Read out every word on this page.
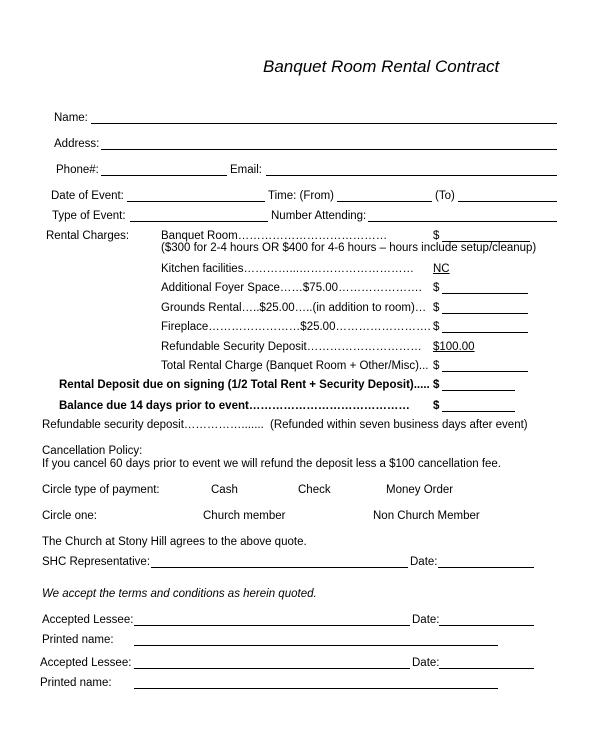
Banquet Room Rental Contract
Name:
Address:
Phone#:	Email:
Date of Event:	Time: (From)	(To)
Type of Event:	Number Attending:
Rental Charges:	Banquet Room…………………………………	$
($300 for 2-4 hours OR $400 for 4-6 hours – hours include setup/cleanup)
Kitchen facilities…………...………………………… NC
Additional Foyer Space……$75.00…………………. $
Grounds Rental…..$25.00…..(in addition to room)… $
Fireplace……………………$25.00……………………. $
Refundable Security Deposit………………………… $100.00
Total Rental Charge (Banquet Room + Other/Misc)... $
Rental Deposit due on signing (1/2 Total Rent + Security Deposit)..... $
Balance due 14 days prior to event…………………………………… $
Refundable security deposit……………....... (Refunded within seven business days after event)
Cancellation Policy:
If you cancel 60 days prior to event we will refund the deposit less a $100 cancellation fee.
Circle type of payment:	Cash	Check	Money Order
Circle one:	Church member	Non Church Member
The Church at Stony Hill agrees to the above quote.
SHC Representative:	Date:
We accept the terms and conditions as herein quoted.
Accepted Lessee:	Date:
Printed name:
Accepted Lessee:	Date:
Printed name:
